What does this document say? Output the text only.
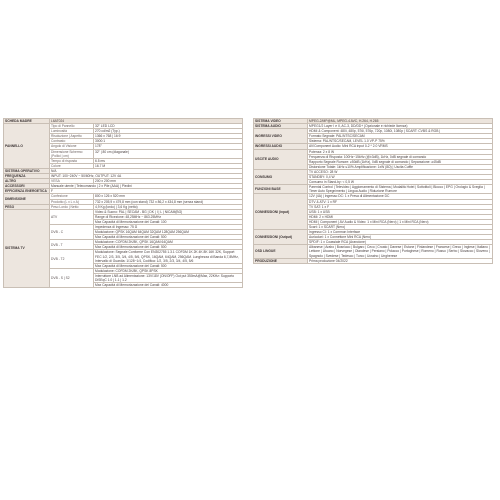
SCHEDA MADRE	L6AT024	
PANNELLO	Tipo di Pannello	32" LED LCD
	Luminosità	270 cd/m2 (Typ.)
	Risoluzione | Aspetto	1366 x 768 | 16:9
	Contrasto	3000:1
	Angolo di Visione	178°
	Dimensione Schermo (Pollici | cm)	32" | 80 cm (diagonale)
	Tempo di risposta	6.5 ms
	Colore	16.7 M
SISTEMA OPERATIVO	N/A	
FREQUENZA	INPUT: 100~240V ~ 50/60Hz, OUTPUT: 12V 4A	
ALTRO	VESA	200 x 200 mm
ACCESSORI	Manuale utente | Telecomando | 2 x Pile (AAA) | Piedini	
EFFICIENZA ENERGETICA	F	
DIMENSIONE	Confezione	800 x 126 x 520 mm
	Prodotto (L x L x A)	732 x 205,9 x 479,8 mm (con stand) 732 x 86,2 x 434,8 mm (senza stand)
PESO	Peso Lordo | Netto	4,9 Kg (lordo) | 3,6 Kg (netto)
SISTEMA TV	ATV	Video & Suono: PAL | SECAM - BG | DK | I | L | NICAM(BG)
		Range di Ricezione: 48,25MHz ~ 863.25MHz
		Max Capacità di Memorizzazione dei Canali: 100
	DVB - C	Impedenza di Ingresso: 75 Ω
		Modulazione: QPSK 16QAM 64QAM 32QAM 128QAM 256QAM
		Max Capacità di Memorizzazione dei Canali: 500
	DVB - T	Modulazione: COFDM 2K/8K, QPSK 16QAM 64QAM
		Max Capacità di Memorizzazione dei Canali: 500
	DVB - T2	Modulazione: Segnale Conforme Con EN302755 1.3.1 COFDM 1K 2K 4K 8K 16K 32K, Support FEC 1/2, 2/3, 3/5, 3/4, 4/5, 5/6, QPSK, 16QAM, 64QAM, 256QAM. Lunghezza di Banda 6,7,8MHz, Intervallo di Guardia: 1/128~1/4, Codifica: 1/2, 3/5, 2/3, 3/4, 4/5, 5/6
		Max Capacità di Memorizzazione dei Canali: 500
	DVB - S | S2	Modulazione: COFDM 2K/8K, QPSK 8PSK
		Interruttore LNB ad Alimentazione: 13V/18V (ON/OFF) Out put 350mA@Max, 22KHz: Supporto DiSEqC 1.0 | 1.1 | 1.2
		Max Capacità di Memorizzazione dei Canali: 4000
SISTEMA VIDEO	MPEG-2/MP@ML, MPEG-4 AVC, H.264, H.265
SISTEMA AUDIO	MPEG1/2 Layer I e II, AC-3, DD/DD+ (Opzionale e richiede licenza)
INGRESSI VIDEO	HDMI & Component: 480i, 480p, 576i, 576p, 720p, 1080i, 1080p | SCART: CVBS & RGB |
	Formato Segnale: PAL/NTSC/SECAM
	Sistema: PAL/NTSC/SECAM, LEVEL 1.0 VP-P 75%
INGRESSI AUDIO	AV/Component Audio: Mini RCA input 0-2 * 2.0 VRMS
USCITE AUDIO	Potenza: 2 x 8 W
	Frequenza di Risposta: 100Hz~15kHz (@±3dB), 1kHz, 0dB segnale di comando
	Rapporto Segnale Rumore: ≥50dB (1kHz), 0dB segnale di comando | Separazione: ≥45dB
	Distorsione Totale: 1kHz ≤10% Amplificazione: 1xW (8Ω) | Uscita Cuffie
CONSUMO	TV ACCESO: 28 W
	STANDBY: 0,4 W
	Consumo in Stand-by: < 0,5 W
FUNZIONI BASE	Parental Control | Televideo | Aggiornamento di Sistema | Modalità Hotel | Sottotitoli | Blocco | EPG | Orologio & Sveglia | Timer Auto Spegnimento | Lingua Audio | Riduzione Rumore
CONNESSIONI (input)	12V (4A) | Ingresso DC: 1 x Presa di Alimentazione DC
	DTV & ATV: 1 x RF
	TV SAT: 1 x F
	USB: 1 x USB
	HDMI: 2 x HDMI
	HDMI | Component | AV Audio & Video: 1 x Mini RCA (Nero) | 1 x Mini RCA (Nero)
	Scart: 1 x SCART (Nero)
CONNESSIONI (Output)	Ingresso CI: 1 x Common Interface
	Auricolari: 1 x Connettore Mini RCA (Nero)
	SPDIF: 1 x Coassiale RCA (Arancione)
OSD LINGUE	Albanese | Arabo | Bosniaco | Bulgaro | Ceco | Croato | Danese | Estone | Finlandese | Francese | Greco | Inglese | Italiano | Lettone | Lituano | Norvegese | Olandese | Persiano | Polacco | Portoghese | Romeno | Russo | Serbo | Slovacco | Sloveno | Spagnolo | Svedese | Tedesco | Turco | Ucraino | Ungherese
PRODUZIONE	Prima produzione 04/2022
